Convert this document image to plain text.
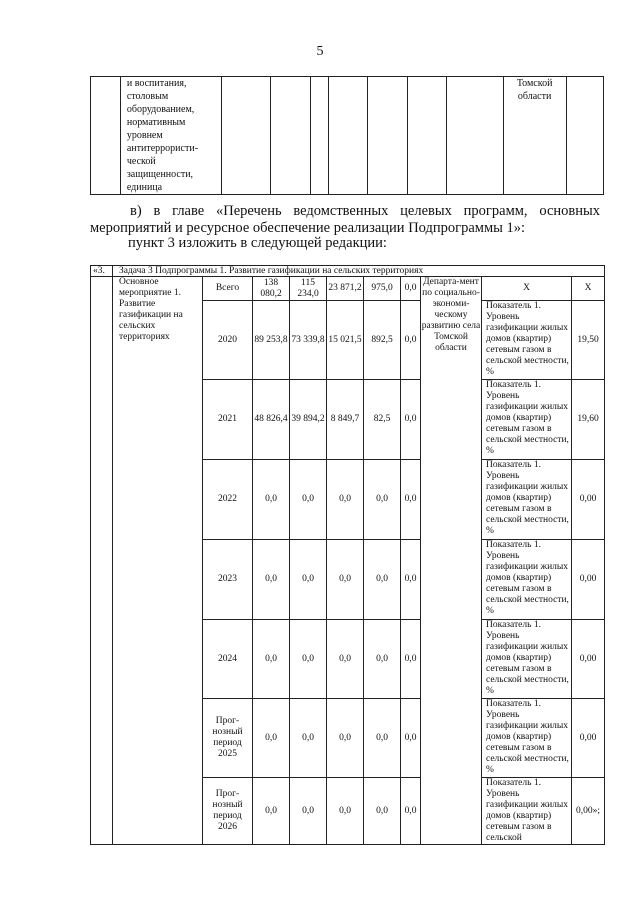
5
	и воспитания, столовым оборудованием, нормативным уровнем антитеррористи-ческой защищенности, единица								Томской области	
в) в главе «Перечень ведомственных целевых программ, основных мероприятий и ресурсное обеспечение реализации Подпрограммы 1»:
пункт 3 изложить в следующей редакции:
«3.	Задача 3 Подпрограммы 1. Развитие газификации на сельских территориях									
	Основное мероприятие 1. Развитие газификации на сельских территориях	Всего	138 080,2	115 234,0	23 871,2	975,0	0,0	Департа-мент по социально-экономи-ческому развитию села Томской области	Х	Х
		2020	89 253,8	73 339,8	15 021,5	892,5	0,0		Показатель 1. Уровень газификации жилых домов (квартир) сетевым газом в сельской местности, %	19,50
		2021	48 826,4	39 894,2	8 849,7	82,5	0,0		Показатель 1. Уровень газификации жилых домов (квартир) сетевым газом в сельской местности, %	19,60
		2022	0,0	0,0	0,0	0,0	0,0		Показатель 1. Уровень газификации жилых домов (квартир) сетевым газом в сельской местности, %	0,00
		2023	0,0	0,0	0,0	0,0	0,0		Показатель 1. Уровень газификации жилых домов (квартир) сетевым газом в сельской местности, %	0,00
		2024	0,0	0,0	0,0	0,0	0,0		Показатель 1. Уровень газификации жилых домов (квартир) сетевым газом в сельской местности, %	0,00
		Прог-нозный период 2025	0,0	0,0	0,0	0,0	0,0		Показатель 1. Уровень газификации жилых домов (квартир) сетевым газом в сельской местности, %	0,00
		Прог-нозный период 2026	0,0	0,0	0,0	0,0	0,0		Показатель 1. Уровень газификации жилых домов (квартир) сетевым газом в сельской	0,00»;
